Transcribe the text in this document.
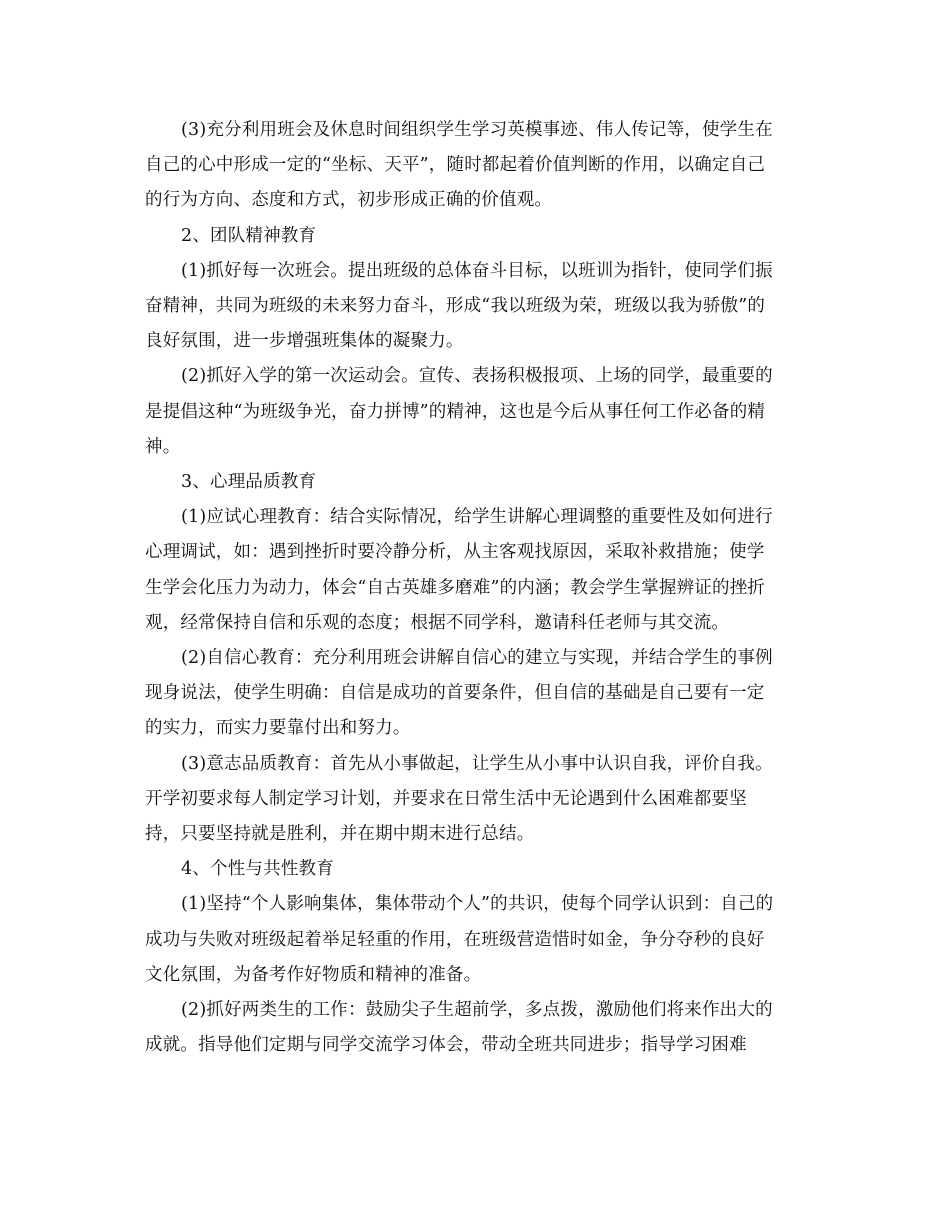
(3)充分利用班会及休息时间组织学生学习英模事迹、伟人传记等，使学生在
自己的心中形成一定的“坐标、天平”，随时都起着价值判断的作用，以确定自己
的行为方向、态度和方式，初步形成正确的价值观。

2、团队精神教育

(1)抓好每一次班会。提出班级的总体奋斗目标，以班训为指针，使同学们振
奋精神，共同为班级的未来努力奋斗，形成“我以班级为荣，班级以我为骄傲”的
良好氛围，进一步增强班集体的凝聚力。

(2)抓好入学的第一次运动会。宣传、表扬积极报项、上场的同学，最重要的
是提倡这种“为班级争光，奋力拼博”的精神，这也是今后从事任何工作必备的精
神。

3、心理品质教育

(1)应试心理教育：结合实际情况，给学生讲解心理调整的重要性及如何进行
心理调试，如：遇到挫折时要冷静分析，从主客观找原因，采取补救措施；使学
生学会化压力为动力，体会“自古英雄多磨难”的内涵；教会学生掌握辨证的挫折
观，经常保持自信和乐观的态度；根据不同学科，邀请科任老师与其交流。

(2)自信心教育：充分利用班会讲解自信心的建立与实现，并结合学生的事例
现身说法，使学生明确：自信是成功的首要条件，但自信的基础是自己要有一定
的实力，而实力要靠付出和努力。

(3)意志品质教育：首先从小事做起，让学生从小事中认识自我，评价自我。
开学初要求每人制定学习计划，并要求在日常生活中无论遇到什么困难都要坚
持，只要坚持就是胜利，并在期中期末进行总结。

4、个性与共性教育

(1)坚持“个人影响集体，集体带动个人”的共识，使每个同学认识到：自己的
成功与失败对班级起着举足轻重的作用，在班级营造惜时如金，争分夺秒的良好
文化氛围，为备考作好物质和精神的准备。

(2)抓好两类生的工作：鼓励尖子生超前学，多点拨，激励他们将来作出大的
成就。指导他们定期与同学交流学习体会，带动全班共同进步；指导学习困难
